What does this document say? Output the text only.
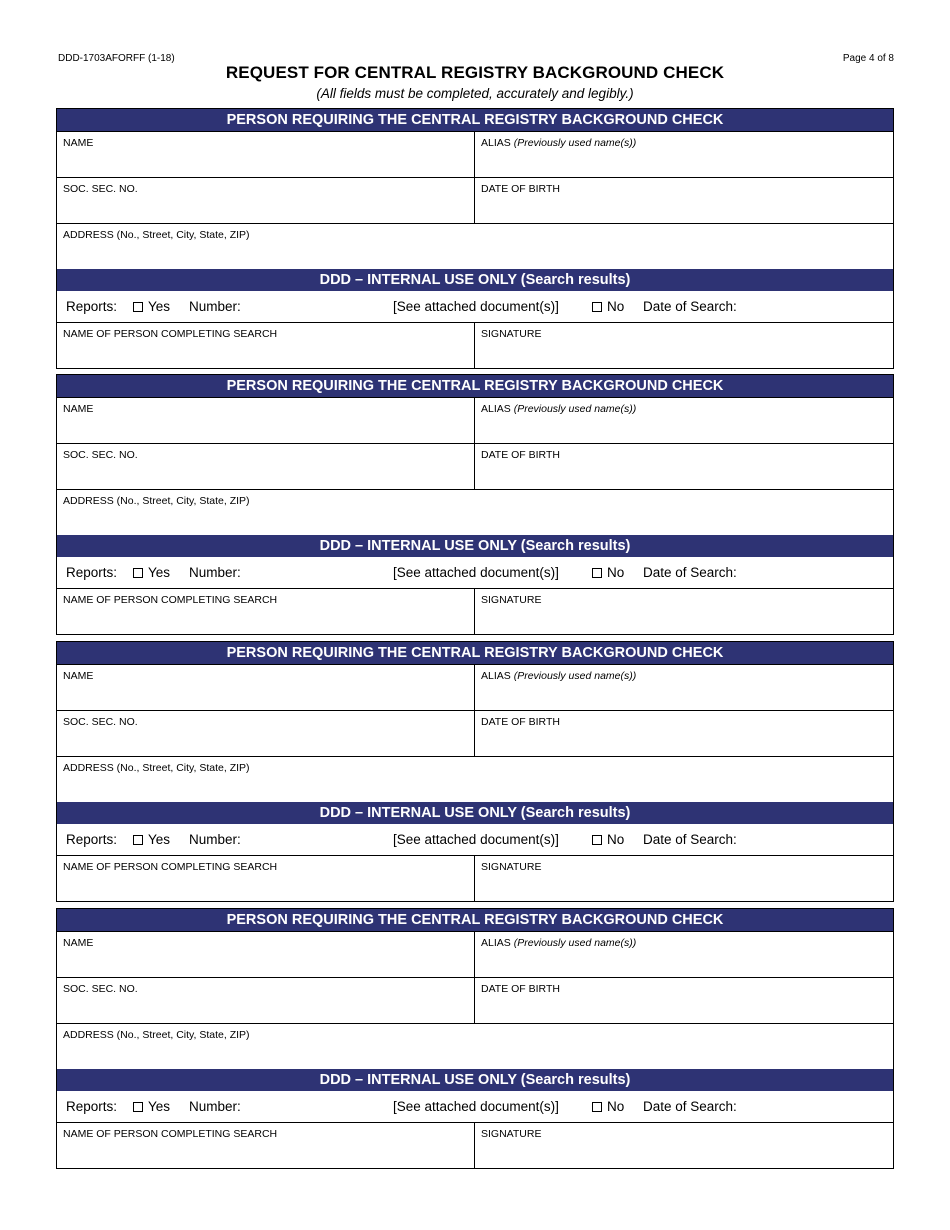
DDD-1703AFORFF (1-18)	Page 4 of 8
REQUEST FOR CENTRAL REGISTRY BACKGROUND CHECK
(All fields must be completed, accurately and legibly.)
PERSON REQUIRING THE CENTRAL REGISTRY BACKGROUND CHECK
NAME	ALIAS (Previously used name(s))
SOC. SEC. NO.	DATE OF BIRTH
ADDRESS (No., Street, City, State, ZIP)
DDD – INTERNAL USE ONLY (Search results)
Reports:	Yes Number:	[See attached document(s)]	No Date of Search:
NAME OF PERSON COMPLETING SEARCH	SIGNATURE
PERSON REQUIRING THE CENTRAL REGISTRY BACKGROUND CHECK
NAME	ALIAS (Previously used name(s))
SOC. SEC. NO.	DATE OF BIRTH
ADDRESS (No., Street, City, State, ZIP)
DDD – INTERNAL USE ONLY (Search results)
Reports:	Yes Number:	[See attached document(s)]	No Date of Search:
NAME OF PERSON COMPLETING SEARCH	SIGNATURE
PERSON REQUIRING THE CENTRAL REGISTRY BACKGROUND CHECK
NAME	ALIAS (Previously used name(s))
SOC. SEC. NO.	DATE OF BIRTH
ADDRESS (No., Street, City, State, ZIP)
DDD – INTERNAL USE ONLY (Search results)
Reports:	Yes Number:	[See attached document(s)]	No Date of Search:
NAME OF PERSON COMPLETING SEARCH	SIGNATURE
PERSON REQUIRING THE CENTRAL REGISTRY BACKGROUND CHECK
NAME	ALIAS (Previously used name(s))
SOC. SEC. NO.	DATE OF BIRTH
ADDRESS (No., Street, City, State, ZIP)
DDD – INTERNAL USE ONLY (Search results)
Reports:	Yes Number:	[See attached document(s)]	No Date of Search:
NAME OF PERSON COMPLETING SEARCH	SIGNATURE
